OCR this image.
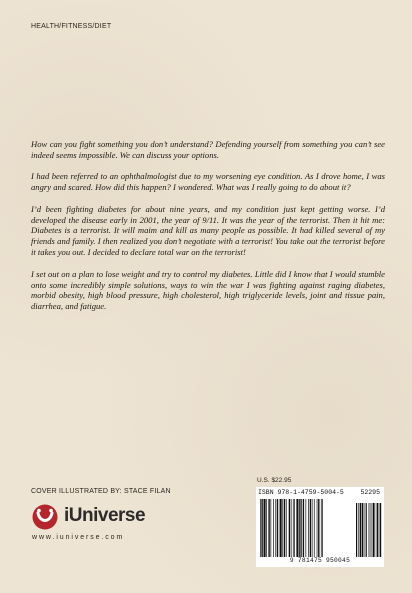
HEALTH/FITNESS/DIET

How can you fight something you don’t understand? Defending yourself from something you can’t see indeed seems impossible. We can discuss your options.

I had been referred to an ophthalmologist due to my worsening eye condition. As I drove home, I was angry and scared. How did this happen? I wondered. What was I really going to do about it?

I’d been fighting diabetes for about nine years, and my condition just kept getting worse. I’d developed the disease early in 2001, the year of 9/11. It was the year of the terrorist. Then it hit me: Diabetes is a terrorist. It will maim and kill as many people as possible. It had killed several of my friends and family. I then realized you don’t negotiate with a terrorist! You take out the terrorist before it takes you out. I decided to declare total war on the terrorist!

I set out on a plan to lose weight and try to control my diabetes. Little did I know that I would stumble onto some incredibly simple solutions, ways to win the war I was fighting against raging diabetes, morbid obesity, high blood pressure, high cholesterol, high triglyceride levels, joint and tissue pain, diarrhea, and fatigue.

COVER ILLUSTRATED BY: STACE FILAN
iUniverse
www.iuniverse.com
U.S. $22.95
ISBN 978-1-4759-5004-5	52295
9 781475 950045
